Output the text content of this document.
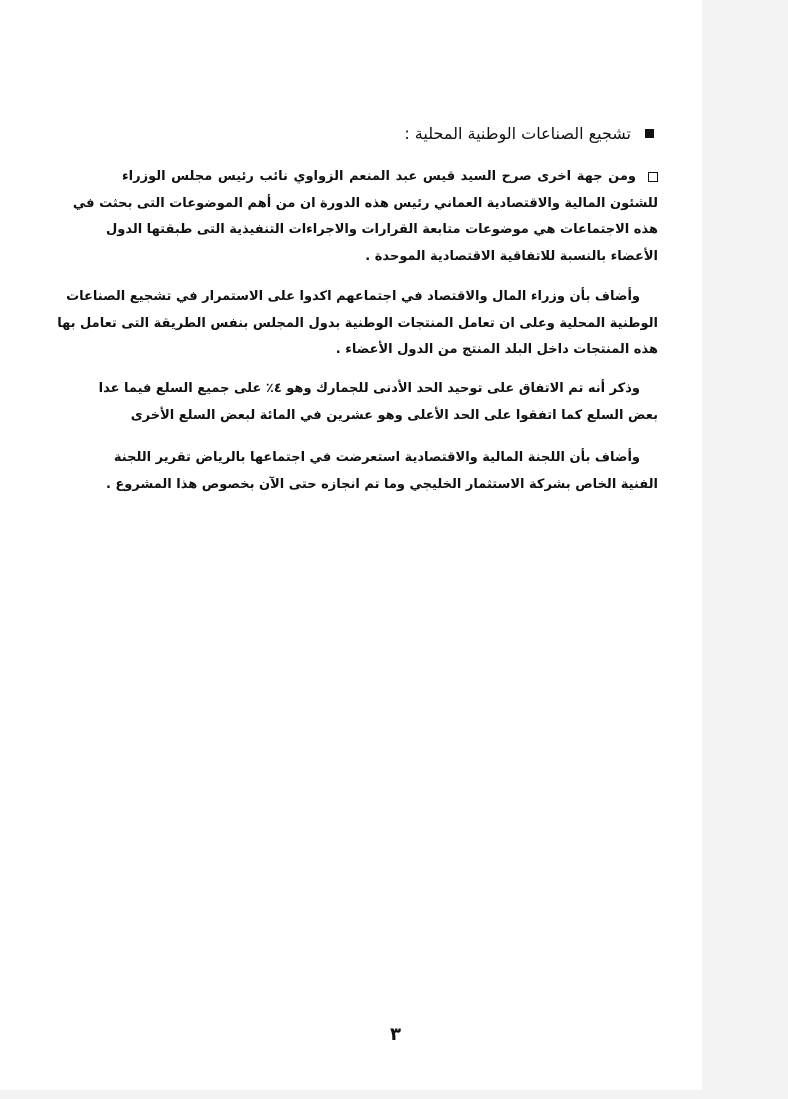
تشجيع الصناعات الوطنية المحلية :
ومن جهة اخرى صرح السيد قيس عبد المنعم الزواوي نائب رئيس مجلس الوزراء
للشئون المالية والاقتصادية العماني رئيس هذه الدورة ان من أهم الموضوعات التى بحثت في
هذه الاجتماعات هي موضوعات متابعة القرارات والاجراءات التنفيذية التى طبقتها الدول
الأعضاء بالنسبة للاتفاقية الاقتصادية الموحدة .
وأضاف بأن وزراء المال والاقتصاد في اجتماعهم اكدوا على الاستمرار في تشجيع الصناعات
الوطنية المحلية وعلى ان تعامل المنتجات الوطنية بدول المجلس بنفس الطريقة التى تعامل بها
هذه المنتجات داخل البلد المنتج من الدول الأعضاء .
وذكر أنه تم الاتفاق على توحيد الحد الأدنى للجمارك وهو ٤٪ على جميع السلع فيما عدا
بعض السلع كما اتفقوا على الحد الأعلى وهو عشرين في المائة لبعض السلع الأخرى
وأضاف بأن اللجنة المالية والاقتصادية استعرضت في اجتماعها بالرياض تقرير اللجنة
الفنية الخاص بشركة الاستثمار الخليجي وما تم انجازه حتى الآن بخصوص هذا المشروع .
٣
